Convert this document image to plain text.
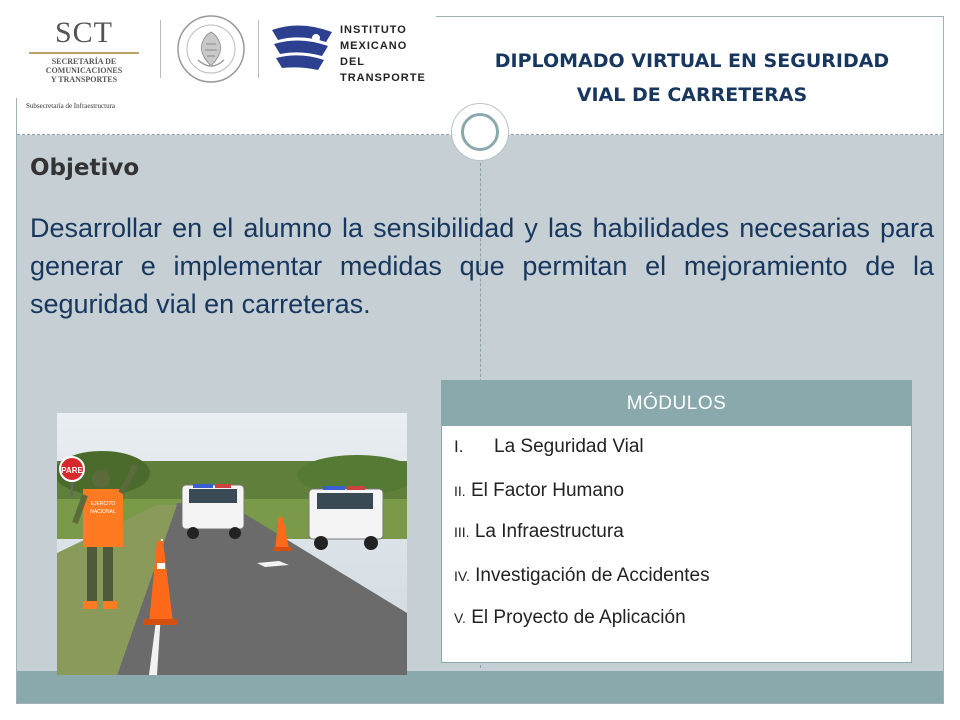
SCT
SECRETARÍA DE
COMUNICACIONES
Y TRANSPORTES
INSTITUTO
MEXICANO DEL
TRANSPORTE
Subsecretaría de Infraestructura
DIPLOMADO VIRTUAL EN SEGURIDAD
VIAL DE CARRETERAS
Objetivo
Desarrollar en el alumno la sensibilidad y las habilidades necesarias para generar e implementar medidas que permitan el mejoramiento de la seguridad vial en carreteras.
PARE
EJERCITO
NACIONAL
MÓDULOS
I. La Seguridad Vial
II. El Factor Humano
III. La Infraestructura
IV. Investigación de Accidentes
V. El Proyecto de Aplicación
